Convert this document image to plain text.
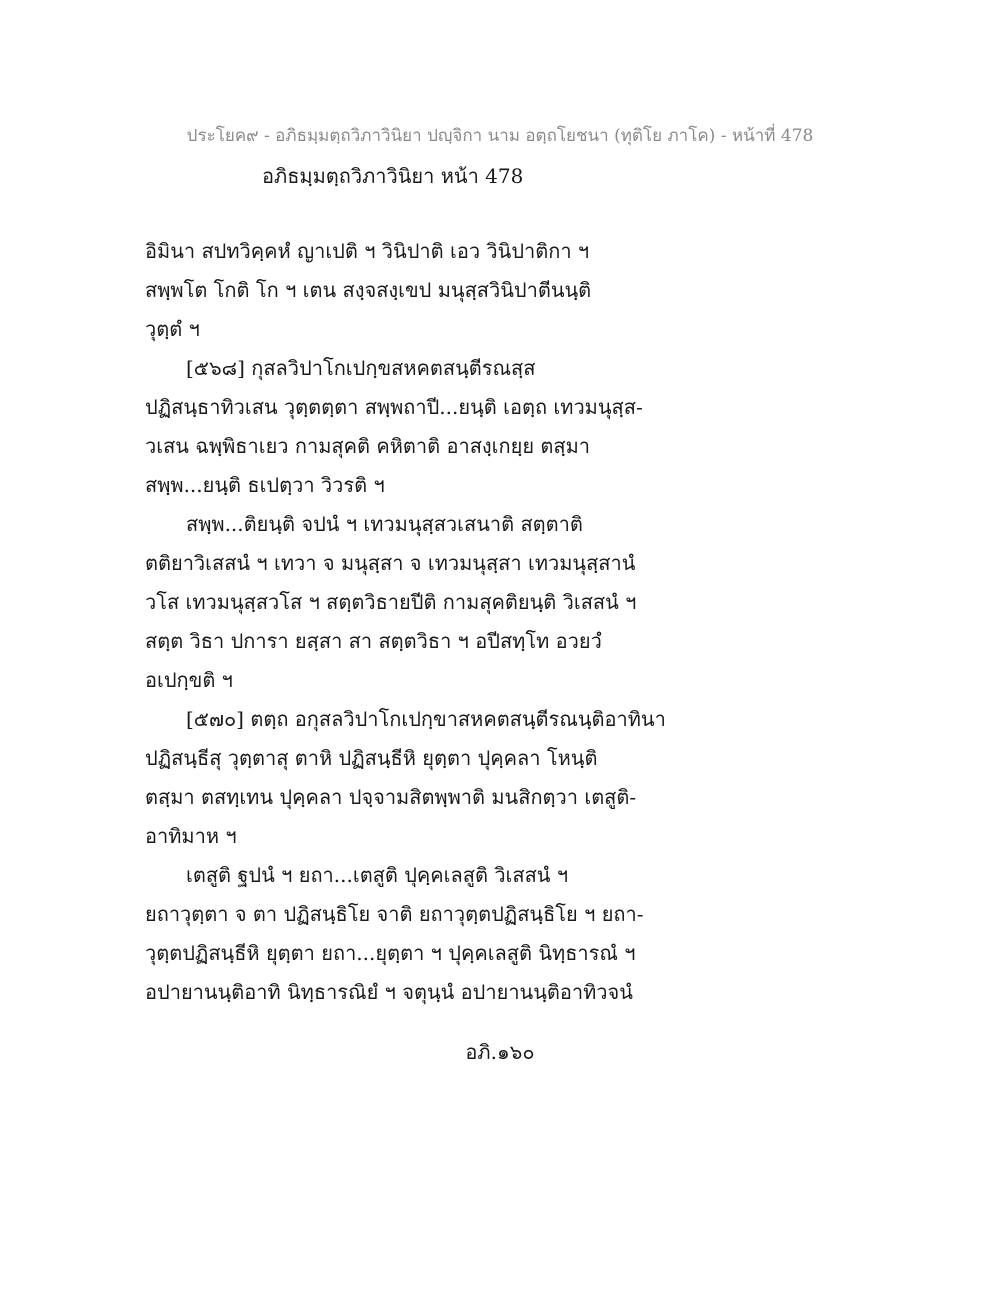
ประโยค๙ - อภิธมฺมตฺถวิภาวินิยา ปญฺจิกา นาม อตฺถโยชนา (ทุติโย ภาโค) - หน้าที่ 478
อภิธมฺมตฺถวิภาวินิยา หน้า 478
อิมินา สปทวิคฺคหํ ญาเปติ ฯ วินิปาติ เอว วินิปาติกา ฯ
สพฺพโต โกติ โก ฯ เตน สงฺจสงฺเขป มนุสฺสวินิปาตีนนฺติ
วุตฺตํ ฯ
[๕๖๘] กุสลวิปาโกเปกฺขสหคตสนฺตีรณสฺส
ปฏิสนฺธาทิวเสน วุตฺตตฺตา สพฺพถาปี...ยนฺติ เอตฺถ เทวมนุสฺส-
วเสน ฉพฺพิธาเยว กามสุคติ คหิตาติ อาสงฺเกยฺย ตสฺมา
สพฺพ...ยนฺติ ธเปตฺวา วิวรติ ฯ
สพฺพ...ติยนฺติ จปนํ ฯ เทวมนุสฺสวเสนาติ สตฺตาติ
ตติยาวิเสสนํ ฯ เทวา จ มนุสฺสา จ เทวมนุสฺสา เทวมนุสฺสานํ
วโส เทวมนุสฺสวโส ฯ สตฺตวิธายปีติ กามสุคติยนฺติ วิเสสนํ ฯ
สตฺต วิธา ปการา ยสฺสา สา สตฺตวิธา ฯ อปีสทฺโท อวยวํ
อเปกฺขติ ฯ
[๕๗๐] ตตฺถ อกุสลวิปาโกเปกฺขาสหคตสนฺตีรณนฺติอาทินา
ปฏิสนฺธีสุ วุตฺตาสุ ตาหิ ปฏิสนฺธีหิ ยุตฺตา ปุคฺคลา โหนฺติ
ตสฺมา ตสทฺเทน ปุคฺคลา ปจฺจามสิตพฺพาติ มนสิกตฺวา เตสูติ-
อาทิมาห ฯ
เตสูติ ฐปนํ ฯ ยถา...เตสูติ ปุคฺคเลสูติ วิเสสนํ ฯ
ยถาวุตฺตา จ ตา ปฏิสนฺธิโย จาติ ยถาวุตฺตปฏิสนฺธิโย ฯ ยถา-
วุตฺตปฏิสนฺธีหิ ยุตฺตา ยถา...ยุตฺตา ฯ ปุคฺคเลสูติ นิทฺธารณํ ฯ
อปายานนฺติอาทิ นิทฺธารณิยํ ฯ จตุนฺนํ อปายานนฺติอาทิวจนํ
อภิ.๑๖๐
